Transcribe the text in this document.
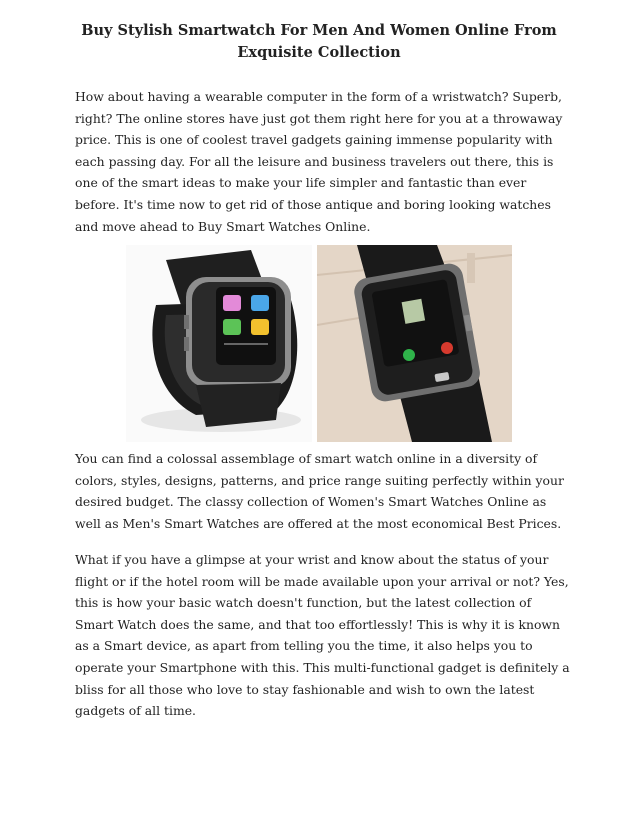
Buy Stylish Smartwatch For Men And Women Online From Exquisite Collection

How about having a wearable computer in the form of a wristwatch? Superb, right? The online stores have just got them right here for you at a throwaway price. This is one of coolest travel gadgets gaining immense popularity with each passing day. For all the leisure and business travelers out there, this is one of the smart ideas to make your life simpler and fantastic than ever before. It's time now to get rid of those antique and boring looking watches and move ahead to Buy Smart Watches Online.

You can find a colossal assemblage of smart watch online in a diversity of colors, styles, designs, patterns, and price range suiting perfectly within your desired budget. The classy collection of Women's Smart Watches Online as well as Men's Smart Watches are offered at the most economical Best Prices.

What if you have a glimpse at your wrist and know about the status of your flight or if the hotel room will be made available upon your arrival or not? Yes, this is how your basic watch doesn't function, but the latest collection of Smart Watch does the same, and that too effortlessly! This is why it is known as a Smart device, as apart from telling you the time, it also helps you to operate your Smartphone with this. This multi-functional gadget is definitely a bliss for all those who love to stay fashionable and wish to own the latest gadgets of all time.
